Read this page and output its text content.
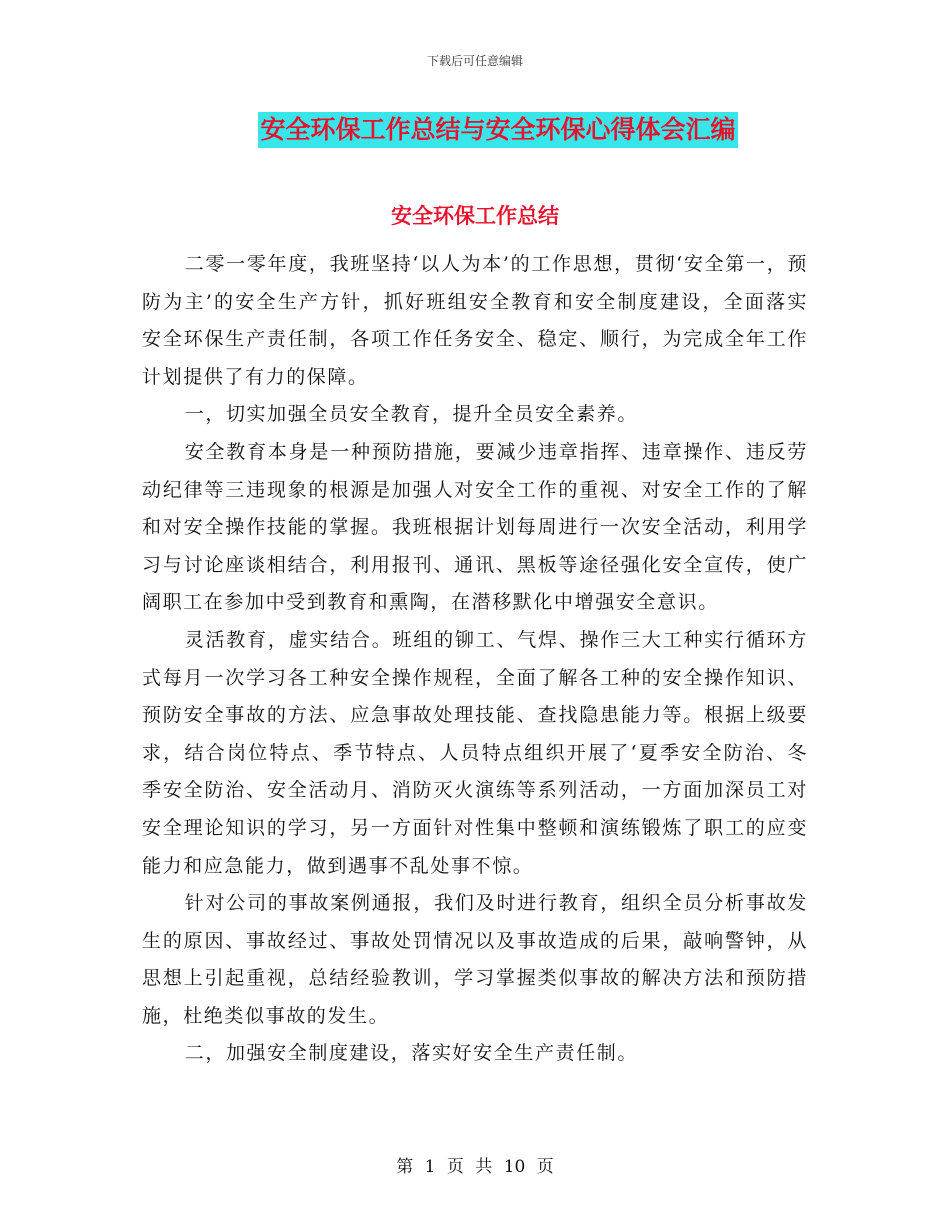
下载后可任意编辑
安全环保工作总结与安全环保心得体会汇编
安全环保工作总结

二零一零年度，我班坚持‘以人为本’的工作思想，贯彻‘安全第一，预防为主’的安全生产方针，抓好班组安全教育和安全制度建设，全面落实安全环保生产责任制，各项工作任务安全、稳定、顺行，为完成全年工作计划提供了有力的保障。

一，切实加强全员安全教育，提升全员安全素养。

安全教育本身是一种预防措施，要减少违章指挥、违章操作、违反劳动纪律等三违现象的根源是加强人对安全工作的重视、对安全工作的了解和对安全操作技能的掌握。我班根据计划每周进行一次安全活动，利用学习与讨论座谈相结合，利用报刊、通讯、黑板等途径强化安全宣传，使广阔职工在参加中受到教育和熏陶，在潜移默化中增强安全意识。

灵活教育，虚实结合。班组的铆工、气焊、操作三大工种实行循环方式每月一次学习各工种安全操作规程，全面了解各工种的安全操作知识、预防安全事故的方法、应急事故处理技能、查找隐患能力等。根据上级要求，结合岗位特点、季节特点、人员特点组织开展了‘夏季安全防治、冬季安全防治、安全活动月、消防灭火演练等系列活动，一方面加深员工对安全理论知识的学习，另一方面针对性集中整顿和演练锻炼了职工的应变能力和应急能力，做到遇事不乱处事不惊。

针对公司的事故案例通报，我们及时进行教育，组织全员分析事故发生的原因、事故经过、事故处罚情况以及事故造成的后果，敲响警钟，从思想上引起重视，总结经验教训，学习掌握类似事故的解决方法和预防措施，杜绝类似事故的发生。

二，加强安全制度建设，落实好安全生产责任制。

第 1 页 共 10 页
